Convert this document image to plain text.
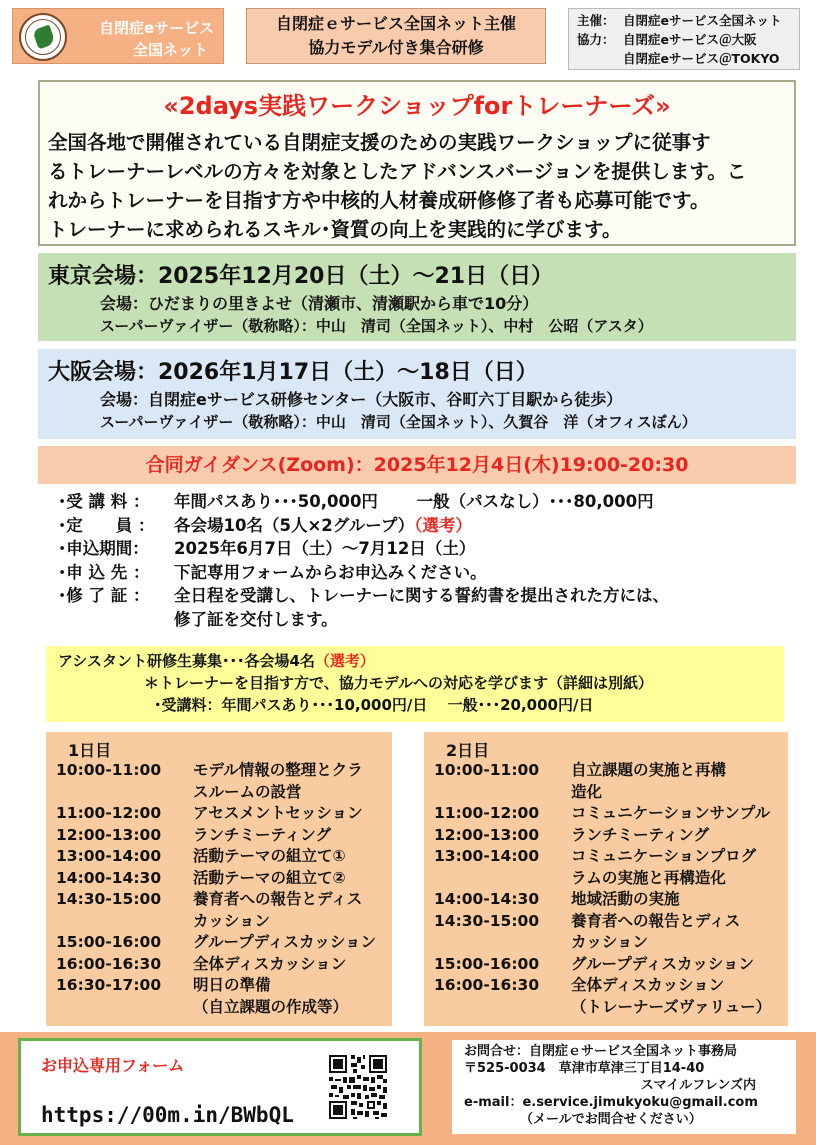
自閉症eサービス
全国ネット
自閉症ｅサービス全国ネット主催
協力モデル付き集合研修
主催： 自閉症eサービス全国ネット
協力： 自閉症eサービス＠大阪
自閉症eサービス＠TOKYO
«2days実践ワークショップforトレーナーズ»
全国各地で開催されている自閉症支援のための実践ワークショップに従事す
るトレーナーレベルの方々を対象としたアドバンスバージョンを提供します。こ
れからトレーナーを目指す方や中核的人材養成研修修了者も応募可能です。
トレーナーに求められるスキル･資質の向上を実践的に学びます。
東京会場：2025年12月20日（土）～21日（日）
会場：ひだまりの里きよせ（清瀬市、清瀬駅から車で10分）
スーパーヴァイザー（敬称略）：中山　清司（全国ネット）、中村　公昭（アスタ）
大阪会場：2026年1月17日（土）～18日（日）
会場：自閉症eサービス研修センター（大阪市、谷町六丁目駅から徒歩）
スーパーヴァイザー（敬称略）：中山　清司（全国ネット）、久賀谷　洋（オフィスぼん）
合同ガイダンス(Zoom)：2025年12月4日(木)19:00-20:30
･受 講 料 ： 年間パスあり･･･50,000円　　 一般（パスなし）･･･80,000円
･定　　員 ： 各会場10名（5人×2グループ）（選考）
･申込期間： 2025年6月7日（土）～7月12日（土）
･申 込 先 ： 下記専用フォームからお申込みください。
･修 了 証 ： 全日程を受講し、トレーナーに関する誓約書を提出された方には、
修了証を交付します。
アシスタント研修生募集･･･各会場4名（選考）
＊トレーナーを目指す方で、協力モデルへの対応を学びます（詳細は別紙）
･受講料：年間パスあり･･･10,000円/日　 一般･･･20,000円/日
1日目
10:00-11:00	モデル情報の整理とクラ
スルームの設営
11:00-12:00	アセスメントセッション
12:00-13:00	ランチミーティング
13:00-14:00	活動テーマの組立て①
14:00-14:30	活動テーマの組立て②
14:30-15:00	養育者への報告とディス
カッション
15:00-16:00	グループディスカッション
16:00-16:30	全体ディスカッション
16:30-17:00	明日の準備
（自立課題の作成等）
2日目
10:00-11:00	自立課題の実施と再構
造化
11:00-12:00	コミュニケーションサンプル
12:00-13:00	ランチミーティング
13:00-14:00	コミュニケーションプログ
ラムの実施と再構造化
14:00-14:30	地域活動の実施
14:30-15:00	養育者への報告とディス
カッション
15:00-16:00	グループディスカッション
16:00-16:30	全体ディスカッション
（トレーナーズヴァリュー）
お申込専用フォーム
https://00m.in/BWbQL
お問合せ：自閉症ｅサービス全国ネット事務局
〒525-0034　草津市草津三丁目14-40
スマイルフレンズ内
e-mail：e.service.jimukyoku@gmail.com
（メールでお問合せください）
